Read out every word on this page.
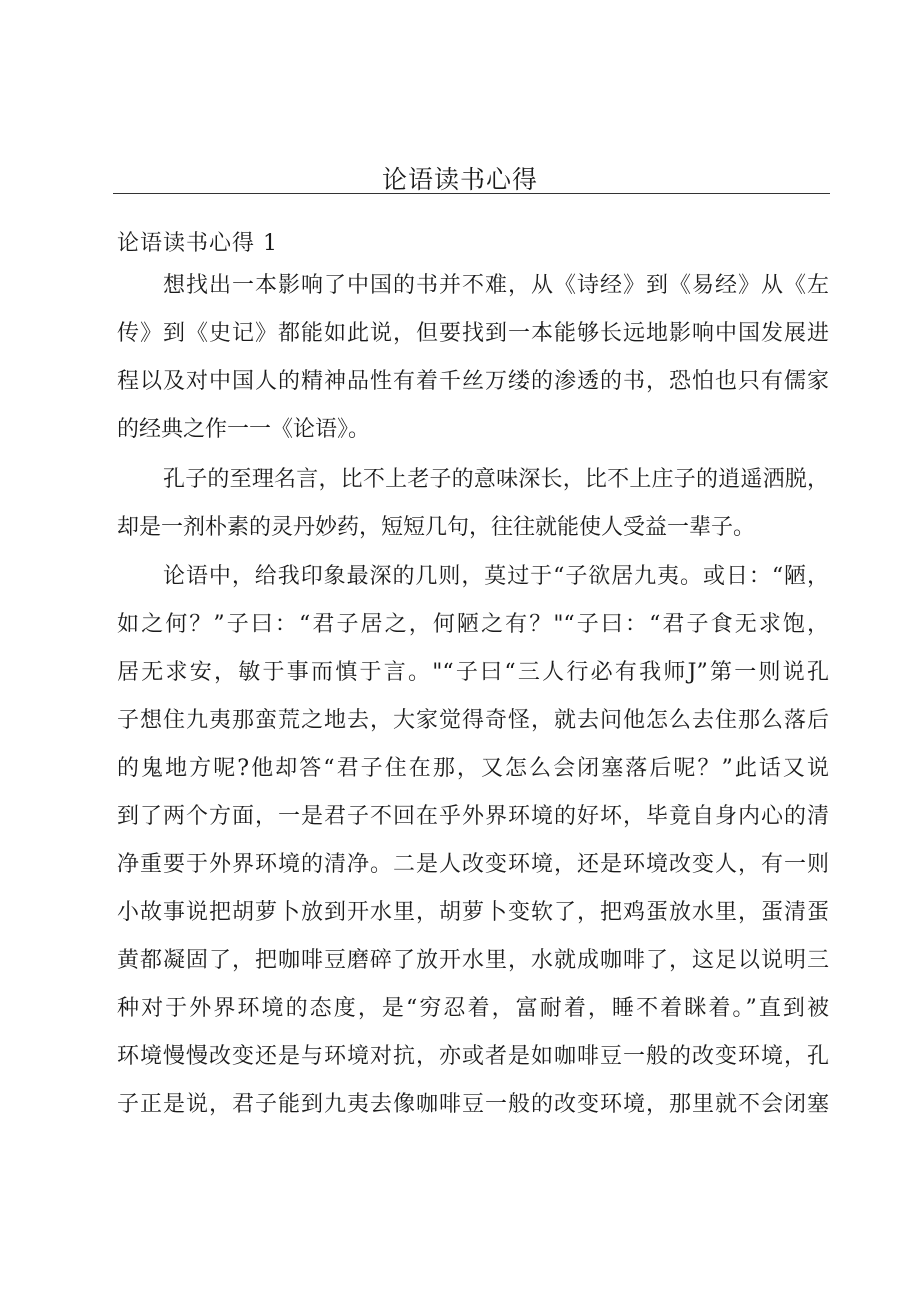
论语读书心得
论语读书心得 1
想找出一本影响了中国的书并不难，从《诗经》到《易经》从《左
传》到《史记》都能如此说，但要找到一本能够长远地影响中国发展进
程以及对中国人的精神品性有着千丝万缕的渗透的书，恐怕也只有儒家
的经典之作一一《论语》。
孔子的至理名言，比不上老子的意味深长，比不上庄子的逍遥洒脱，
却是一剂朴素的灵丹妙药，短短几句，往往就能使人受益一辈子。
论语中，给我印象最深的几则，莫过于“子欲居九夷。或日：“陋，
如之何？”子曰：“君子居之，何陋之有？"“子曰：“君子食无求饱，
居无求安，敏于事而慎于言。"“子曰“三人行必有我师J”第一则说孔
子想住九夷那蛮荒之地去，大家觉得奇怪，就去问他怎么去住那么落后
的鬼地方呢?他却答“君子住在那，又怎么会闭塞落后呢？”此话又说
到了两个方面，一是君子不回在乎外界环境的好坏，毕竟自身内心的清
净重要于外界环境的清净。二是人改变环境，还是环境改变人，有一则
小故事说把胡萝卜放到开水里，胡萝卜变软了，把鸡蛋放水里，蛋清蛋
黄都凝固了，把咖啡豆磨碎了放开水里，水就成咖啡了，这足以说明三
种对于外界环境的态度，是“穷忍着，富耐着，睡不着眯着。”直到被
环境慢慢改变还是与环境对抗，亦或者是如咖啡豆一般的改变环境，孔
子正是说，君子能到九夷去像咖啡豆一般的改变环境，那里就不会闭塞
